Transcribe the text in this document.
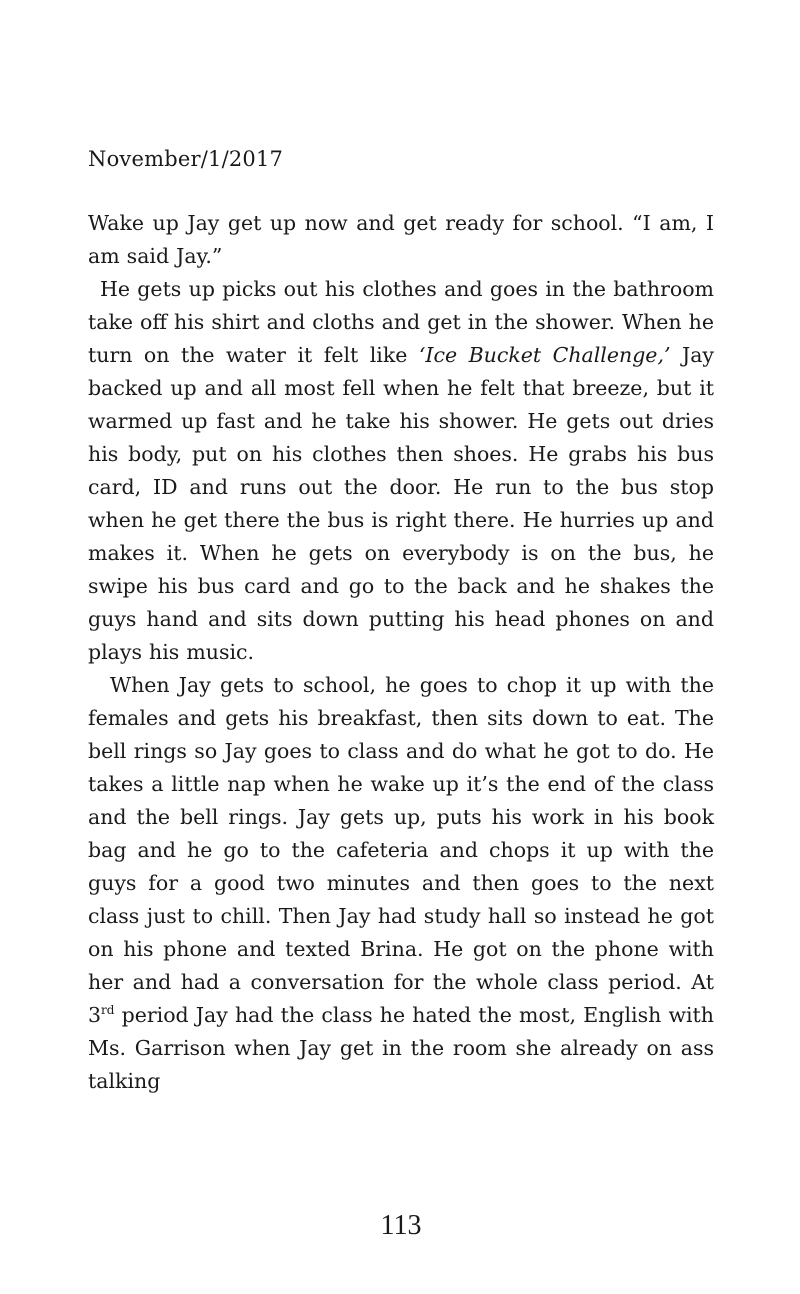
November/1/2017

Wake up Jay get up now and get ready for school. “I am, I am said Jay.”

He gets up picks out his clothes and goes in the bathroom take off his shirt and cloths and get in the shower. When he turn on the water it felt like ‘Ice Bucket Challenge,’ Jay backed up and all most fell when he felt that breeze, but it warmed up fast and he take his shower. He gets out dries his body, put on his clothes then shoes. He grabs his bus card, ID and runs out the door. He run to the bus stop when he get there the bus is right there. He hurries up and makes it. When he gets on everybody is on the bus, he swipe his bus card and go to the back and he shakes the guys hand and sits down putting his head phones on and plays his music.

When Jay gets to school, he goes to chop it up with the females and gets his breakfast, then sits down to eat. The bell rings so Jay goes to class and do what he got to do. He takes a little nap when he wake up it’s the end of the class and the bell rings. Jay gets up, puts his work in his book bag and he go to the cafeteria and chops it up with the guys for a good two minutes and then goes to the next class just to chill. Then Jay had study hall so instead he got on his phone and texted Brina. He got on the phone with her and had a conversation for the whole class period. At 3rd period Jay had the class he hated the most, English with Ms. Garrison when Jay get in the room she already on ass talking

113
